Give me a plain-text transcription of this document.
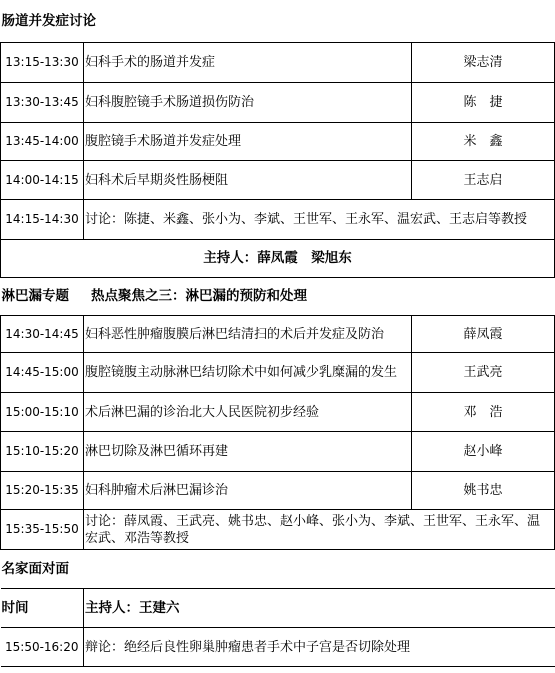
肠道并发症讨论		
13:15-13:30	妇科手术的肠道并发症	梁志清
13:30-13:45	妇科腹腔镜手术肠道损伤防治	陈　捷
13:45-14:00	腹腔镜手术肠道并发症处理	米　鑫
14:00-14:15	妇科术后早期炎性肠梗阻	王志启
14:15-14:30	讨论：陈捷、米鑫、张小为、李斌、王世军、王永军、温宏武、王志启等教授	
主持人：薛凤霞　梁旭东		
淋巴漏专题 热点聚焦之三：淋巴漏的预防和处理		
14:30-14:45	妇科恶性肿瘤腹膜后淋巴结清扫的术后并发症及防治	薛凤霞
14:45-15:00	腹腔镜腹主动脉淋巴结切除术中如何减少乳糜漏的发生	王武亮
15:00-15:10	术后淋巴漏的诊治北大人民医院初步经验	邓　浩
15:10-15:20	淋巴切除及淋巴循环再建	赵小峰
15:20-15:35	妇科肿瘤术后淋巴漏诊治	姚书忠
15:35-15:50	讨论：薛凤霞、王武亮、姚书忠、赵小峰、张小为、李斌、王世军、王永军、温宏武、邓浩等教授	
名家面对面		
时间	主持人：王建六	
15:50-16:20	辩论：绝经后良性卵巢肿瘤患者手术中子宫是否切除处理	
